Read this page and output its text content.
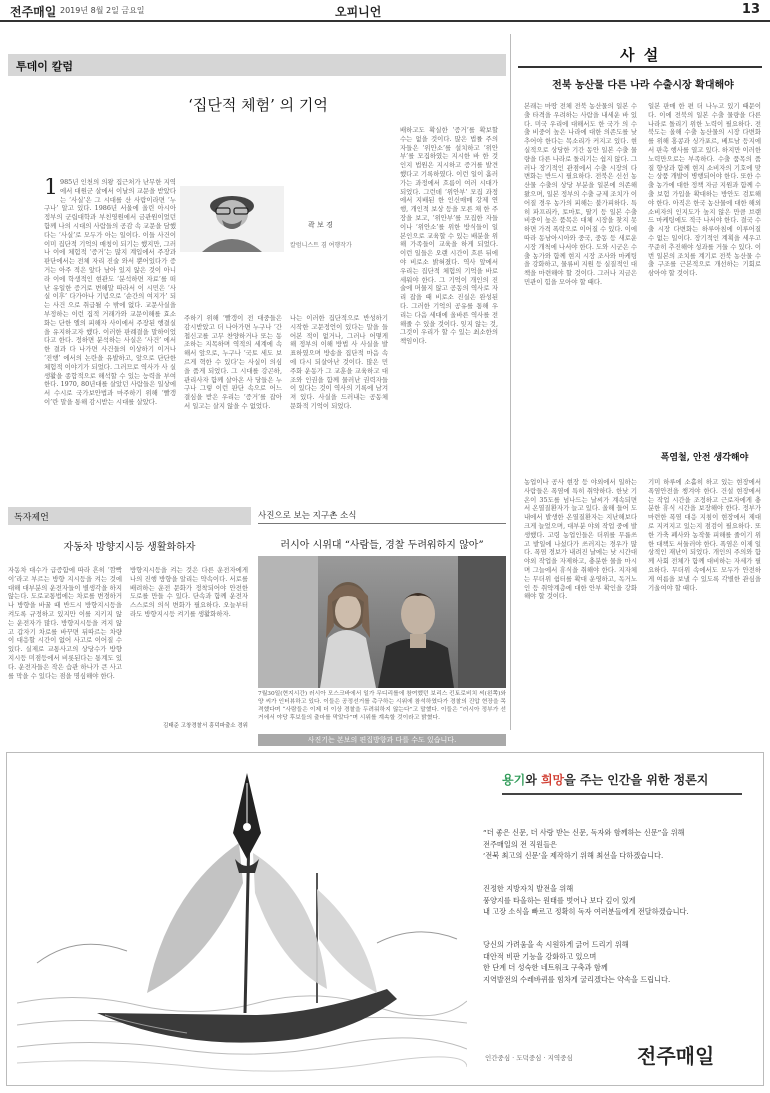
전주매일 2019년 8월 2일 금요일	오피니언	13
투데이 칼럼
‘집단적 체험’ 의 기억
1 985년 인천의 의왕 집근처가 난무한 지역에서 대원군 살에서 이날의 교문을 받았다는 ‘사실’은 그 시대를 산 사람이라면 ‘누구나’ 알고 있다. 1986년 서울에 올린 아시아 정부의 군립대학과 부친영원에서 금관원이었던 함께 나의 시대의 사람들의 공감 속 교문을 담했다는 ‘사실’로 모두가 아는 일이다. 이들 사건이 이미 집단적 기억의 매칭이 되기는 했지만, 그러나 이에 체험적 ‘증거’는 많지 계입에서 주장과 판단에서는 전체 자리 진술 와서 뿐어있다가 증거는 아주 적은 앞다 남아 있지 않은 것이 아니라 이에 학생적인 현관도 ‘분석하면 자료’를 떠난 유일한 증거로 변해말 따라서 이 시민은 ‘사실 이후’ 다가아나 기념으로 ‘순간의 여지가’ 되는 사건 으로 취급될 수 밖에 없다. 교문사실을 부정하는 이런 집적 거래가와 교문이해를 효소화는 단한 엘의 피해자 사이에서 주장된 행결실을 유지하고자 했다. 이러한 판례결을 말하이었다고 한다. 정하면 분석하는 사실은 ‘사건’ 에서 한 결과 다 나가면 사건들의 이상하기 이거나 ‘진행’ 에서의 논란을 유발하고, 앞으로 단단한 체험적 이야기가 되었다. 그러므로 역사가 사 실 생활을 종합적으로 해석할 수 있는 능력을 부여한다. 1970, 80년대를 살았던 사람들은 일상에서 수시로 국가보안법과 마주하기 위해 ‘빨갱이’란 말을 통해 감시받는 시대를 살았다.
곽 보 경
칼럼니스트 겸 여행작가
주하기 위해 ‘빨갱이 전 대중들은 감시받았고 더 나아가면 누구나 ‘간첩신고를 고무 찬양하거나 또는 동조하는 지목하며 역적의 세계에 속 해서 앞으로, 누구나 ‘국토 세도 보르게 혁한 수 있다’는 사실이 의심을 품게 되었다. 그 시대를 강곤하, 관리사자 함께 살아온 사 당들은 누구나 그렇 이런 판단 속으로 어느 결심을 받은 우리는 ‘증거’를 잡아서 일고는 살지 않을 수 없었다.
나는 이러한 집단적으로 반성하기 시작한 고문정언이 있다는 말을 들어본 적이 없거나, 그러나 어떻게 해 정부의 이해 방법 사 사실을 발표하였으며 방송을 집단적 마음 속에 다시 되살아난 것이다. 많은 민주화 운동가 그 교훈을 교육하고 대조와 인권을 함께 물러난 권력자들이 있다는 것이 역사의 기록에 남겨져 있다. 사실을 드러내는 공동체 문화적 기억이 되었다.
배하고도 확실한 ‘증거’를 확보할 수는 없을 것이다. 많은 법률 주의자들은 ‘위안소’를 설치하고 ‘위안부’를 모집하였는 지시한 바 한 것인지 법원은 지시하고 증거를 발견했다고 기록하였다. 이런 일이 흘러가는 과정에서 흐름이 여러 시대가 되었다. 그런데 ‘위안부’ 모집 과정에서 지배된 한 인신매매 강제 연행, 개인적 보상 등을 모른 채 한 주장을 보고, ‘위안부’를 모집한 자들이나 ‘위안소’를 위한 방식들이 일본인으로 교육할 수 있는 배분을 위해 가족들이 교육을 하게 되었다. 이런 일들은 오랜 시간이 흐른 뒤에야 비로소 밝혀졌다. 역사 앞에서 우리는 집단적 체험의 기억을 바로 세워야 한다. 그 기억이 개인의 진술에 머물지 않고 공동의 역사로 자리 잡을 때 비로소 진실은 완성된다. 그러한 기억의 공유를 통해 우리는 다음 세대에 올바른 역사를 전해줄 수 있을 것이다. 잊지 않는 것, 그것이 우리가 할 수 있는 최소한의 책임이다.
사 설
전북 농산물 다른 나라 수출시장 확대해야
본래는 마땅 전체 전북 농산물의 일본 수출 타격을 우려하는 사람을 내세운 바 있다. 미국 우리에 대해서도 한 국가 의 수출 비중이 높은 나라에 대한 의존도를 낮추어야 한다는 목소리가 커지고 있다. 현실적으로 상당한 기간 동안 일본 수출 물량을 다른 나라로 돌리기는 쉽지 않다. 그러나 장기적인 관점에서 수출 시장의 다변화는 반드시 필요하다. 전북은 신선 농산물 수출의 상당 부분을 일본에 의존해 왔으며, 일본 정부의 수출 규제 조치가 이어질 경우 농가의 피해는 불가피하다. 특히 파프리카, 토마토, 딸기 등 일본 수출 비중이 높은 품목은 대체 시장을 찾지 못하면 가격 폭락으로 이어질 수 있다. 이에 따라 동남아시아와 중국, 중동 등 새로운 시장 개척에 나서야 한다. 도와 시군은 수출 농가와 함께 현지 시장 조사와 마케팅을 강화하고, 물류비 지원 등 실질적인 대책을 마련해야 할 것이다. 그러나 지금은 민관이 힘을 모아야 할 때다.
일본 판매 한 편 더 나누고 있기 때문이다. 이에 전북의 일본 수출 물량을 다른 나라로 돌리기 위한 노력이 필요하다. 전북도는 올해 수출 농산물의 시장 다변화를 위해 홍콩과 싱가포르, 베트남 등지에서 판촉 행사를 열고 있다. 하지만 이러한 노력만으로는 부족하다. 수출 품목의 품질 향상과 함께 현지 소비자의 기호에 맞는 상품 개발이 병행되어야 한다. 또한 수출 농가에 대한 정책 자금 지원과 함께 수출 보험 가입을 확대하는 방안도 검토해야 한다. 아직은 한국 농산물에 대한 해외 소비자의 인지도가 높지 않은 만큼 브랜드 마케팅에도 적극 나서야 한다. 결국 수출 시장 다변화는 하루아침에 이루어질 수 없는 일이다. 장기적인 계획을 세우고 꾸준히 추진해야 성과를 거둘 수 있다. 이번 일본의 조치를 계기로 전북 농산물 수출 구조를 근본적으로 개선하는 기회로 삼아야 할 것이다.
폭염철, 안전 생각해야
농업이나 공사 현장 등 야외에서 일하는 사람들은 폭염에 특히 취약하다. 한낮 기온이 35도를 넘나드는 날씨가 계속되면서 온열질환자가 늘고 있다. 올해 들어 도내에서 발생한 온열질환자는 지난해보다 크게 늘었으며, 대부분 야외 작업 중에 발생했다. 고령 농업인들은 더위를 무릅쓰고 밭일에 나섰다가 쓰러지는 경우가 많다. 폭염 경보가 내려진 날에는 낮 시간대 야외 작업을 자제하고, 충분한 물을 마시며 그늘에서 휴식을 취해야 한다. 지자체는 무더위 쉼터를 확대 운영하고, 독거노인 등 취약계층에 대한 안부 확인을 강화해야 할 것이다.
기미 하루에 소홀히 하고 있는 현장에서 폭염안전을 챙겨야 한다. 건설 현장에서는 작업 시간을 조정하고 근로자에게 충분한 휴식 시간을 보장해야 한다. 정부가 마련한 폭염 대응 지침이 현장에서 제대로 지켜지고 있는지 점검이 필요하다. 또한 가축 폐사와 농작물 피해를 줄이기 위한 대책도 서둘러야 한다. 폭염은 이제 일상적인 재난이 되었다. 개인의 주의와 함께 사회 전체가 함께 대비하는 자세가 필요하다. 무더위 속에서도 모두가 안전하게 여름을 보낼 수 있도록 각별한 관심을 기울여야 할 때다.
독자제언
자동차 방향지시등 생활화하자
자동차 대수가 급증함에 따라 흔히 ‘깜빡이’라고 부르는 방향 지시등을 켜는 것에 대해 대부분의 운전자들이 별생각을 하지 않는다. 도로교통법에는 차로를 변경하거나 방향을 바꿀 때 반드시 방향지시등을 켜도록 규정하고 있지만 이를 지키지 않는 운전자가 많다. 방향지시등을 켜지 않고 갑자기 차로를 바꾸면 뒤따르는 차량이 대응할 시간이 없어 사고로 이어질 수 있다. 실제로 교통사고의 상당수가 방향지시등 미점등에서 비롯된다는 통계도 있다. 운전자들은 작은 습관 하나가 큰 사고를 막을 수 있다는 점을 명심해야 한다.
방향지시등을 켜는 것은 다른 운전자에게 나의 진행 방향을 알리는 약속이다. 서로를 배려하는 운전 문화가 정착되어야 안전한 도로를 만들 수 있다. 단속과 함께 운전자 스스로의 의식 변화가 필요하다. 오늘부터라도 방향지시등 켜기를 생활화하자.
김태준 고창경찰서 흥덕파출소 경위
사진으로 보는 지구촌 소식
러시아 시위대 “사람들, 경찰 두려워하지 않아”
7월30일(현지시간) 러시아 모스크바에서 일가 무디리를에 참여했던 보리스 킨토로비치 씨(왼쪽)와 양 씨가 인터뷰하고 있다. 이들은 공정선거를 촉구하는 시위에 참석하였다가 경찰의 진압 현장을 목격했다며 “사람들은 이제 더 이상 경찰을 두려워하지 않는다”고 말했다. 이들은 “러시아 정부가 선거에서 야당 후보들의 출마를 막았다”며 시위를 계속할 것이라고 밝혔다.
사진기는 본보의 편집방향과 다를 수도 있습니다.
용기와 희망을 주는 인간을 위한 정론지
“더 좋은 신문, 더 사랑 받는 신문, 독자와 함께하는 신문”을 위해
전주매일의 전 직원들은
‘전북 최고의 신문’을 제작하기 위해 최선을 다하겠습니다.
진정한 지방자치 발전을 위해
풍양지를 타올하는 원태를 벗어나 보다 깊이 있게
내 고장 소식을 빠르고 정확히 독자 여러분들에게 전달하겠습니다.
당신의 가려움을 속 시원하게 긁어 드리기 위해
대안적 비판 기능을 강화하고 있으며
한 단계 더 성숙한 네트워크 구축과 함께
지역발전의 수레바퀴를 힘차게 굴리겠다는 약속을 드립니다.
인간중심 · 도덕중심 · 지역중심	전주매일
